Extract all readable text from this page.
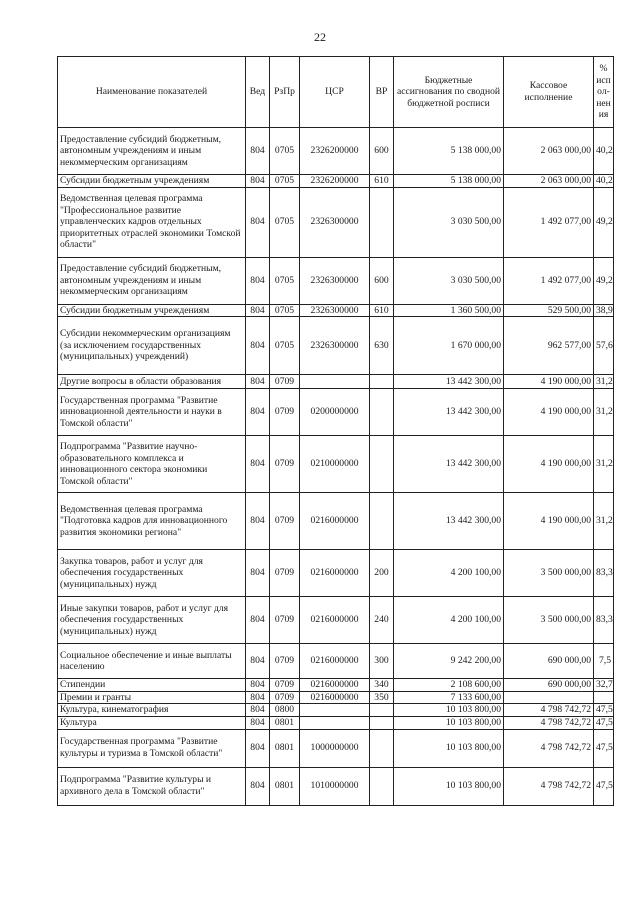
22
Наименование показателей	Вед	РзПр	ЦСР	ВР	Бюджетные ассигнования по сводной бюджетной росписи	Кассовое исполнение	% испол-нения
Предоставление субсидий бюджетным, автономным учреждениям и иным некоммерческим организациям	804	0705	2326200000	600	5 138 000,00	2 063 000,00	40,2
Субсидии бюджетным учреждениям	804	0705	2326200000	610	5 138 000,00	2 063 000,00	40,2
Ведомственная целевая программа "Профессиональное развитие управленческих кадров отдельных приоритетных отраслей экономики Томской области"	804	0705	2326300000		3 030 500,00	1 492 077,00	49,2
Предоставление субсидий бюджетным, автономным учреждениям и иным некоммерческим организациям	804	0705	2326300000	600	3 030 500,00	1 492 077,00	49,2
Субсидии бюджетным учреждениям	804	0705	2326300000	610	1 360 500,00	529 500,00	38,9
Субсидии некоммерческим организациям (за исключением государственных (муниципальных) учреждений)	804	0705	2326300000	630	1 670 000,00	962 577,00	57,6
Другие вопросы в области образования	804	0709			13 442 300,00	4 190 000,00	31,2
Государственная программа "Развитие инновационной деятельности и науки в Томской области"	804	0709	0200000000		13 442 300,00	4 190 000,00	31,2
Подпрограмма "Развитие научно-образовательного комплекса и инновационного сектора экономики Томской области"	804	0709	0210000000		13 442 300,00	4 190 000,00	31,2
Ведомственная целевая программа "Подготовка кадров для инновационного развития экономики региона"	804	0709	0216000000		13 442 300,00	4 190 000,00	31,2
Закупка товаров, работ и услуг для обеспечения государственных (муниципальных) нужд	804	0709	0216000000	200	4 200 100,00	3 500 000,00	83,3
Иные закупки товаров, работ и услуг для обеспечения государственных (муниципальных) нужд	804	0709	0216000000	240	4 200 100,00	3 500 000,00	83,3
Социальное обеспечение и иные выплаты населению	804	0709	0216000000	300	9 242 200,00	690 000,00	7,5
Стипендии	804	0709	0216000000	340	2 108 600,00	690 000,00	32,7
Премии и гранты	804	0709	0216000000	350	7 133 600,00		
Культура, кинематография	804	0800			10 103 800,00	4 798 742,72	47,5
Культура	804	0801			10 103 800,00	4 798 742,72	47,5
Государственная программа "Развитие культуры и туризма в Томской области"	804	0801	1000000000		10 103 800,00	4 798 742,72	47,5
Подпрограмма "Развитие культуры и архивного дела в Томской области"	804	0801	1010000000		10 103 800,00	4 798 742,72	47,5
